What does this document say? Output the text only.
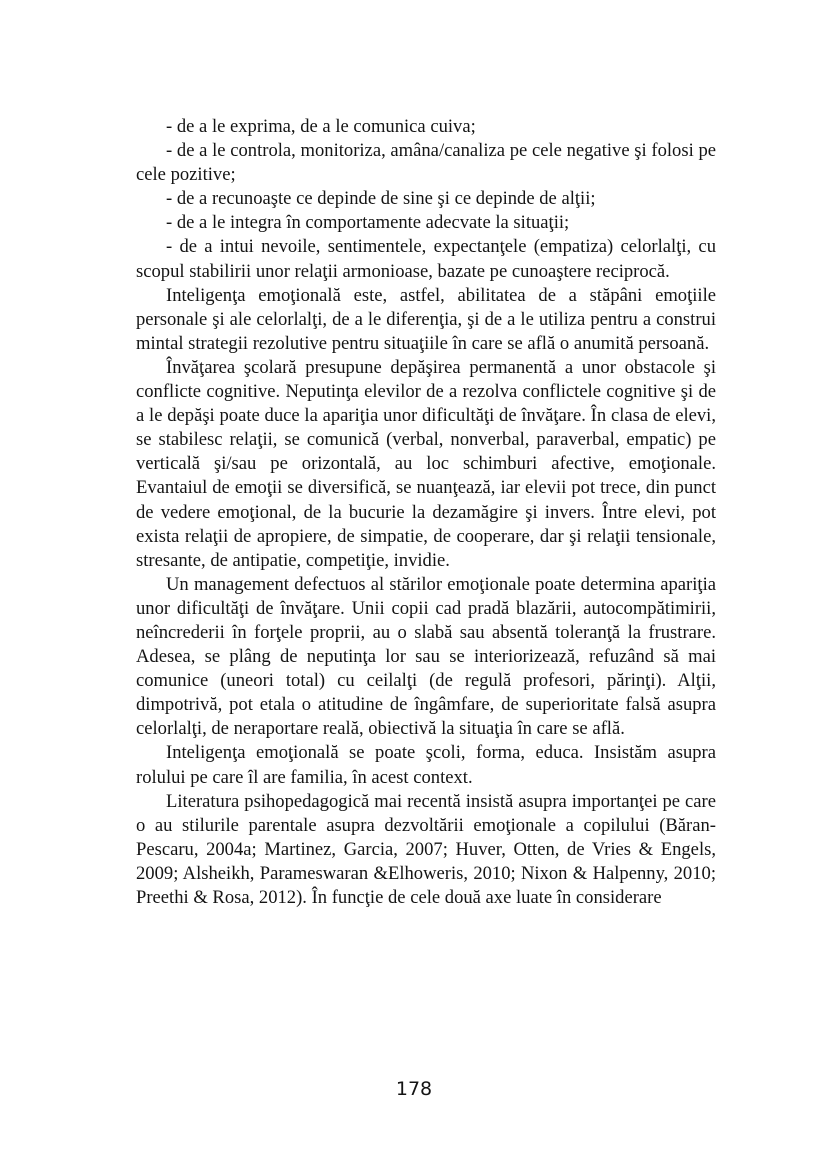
- de a le exprima, de a le comunica cuiva;

- de a le controla, monitoriza, amâna/canaliza pe cele negative şi folosi pe cele pozitive;

- de a recunoaşte ce depinde de sine şi ce depinde de alţii;

- de a le integra în comportamente adecvate la situaţii;

- de a intui nevoile, sentimentele, expectanţele (empatiza) celorlalţi, cu scopul stabilirii unor relaţii armonioase, bazate pe cunoaştere reciprocă.

Inteligenţa emoţională este, astfel, abilitatea de a stăpâni emoţiile personale şi ale celorlalţi, de a le diferenţia, şi de a le utiliza pentru a construi mintal strategii rezolutive pentru situaţiile în care se află o anumită persoană.

Învăţarea şcolară presupune depăşirea permanentă a unor obstacole şi conflicte cognitive. Neputinţa elevilor de a rezolva conflictele cognitive şi de a le depăşi poate duce la apariţia unor dificultăţi de învăţare. În clasa de elevi, se stabilesc relaţii, se comunică (verbal, nonverbal, paraverbal, empatic) pe verticală şi/sau pe orizontală, au loc schimburi afective, emoţionale. Evantaiul de emoţii se diversifică, se nuanţează, iar elevii pot trece, din punct de vedere emoţional, de la bucurie la dezamăgire şi invers. Între elevi, pot exista relaţii de apropiere, de simpatie, de cooperare, dar şi relaţii tensionale, stresante, de antipatie, competiţie, invidie.

Un management defectuos al stărilor emoţionale poate determina apariţia unor dificultăţi de învăţare. Unii copii cad pradă blazării, autocompătimirii, neîncrederii în forţele proprii, au o slabă sau absentă toleranţă la frustrare. Adesea, se plâng de neputinţa lor sau se interiorizează, refuzând să mai comunice (uneori total) cu ceilalţi (de regulă profesori, părinţi). Alţii, dimpotrivă, pot etala o atitudine de îngâmfare, de superioritate falsă asupra celorlalţi, de neraportare reală, obiectivă la situaţia în care se află.

Inteligenţa emoţională se poate şcoli, forma, educa. Insistăm asupra rolului pe care îl are familia, în acest context.

Literatura psihopedagogică mai recentă insistă asupra importanţei pe care o au stilurile parentale asupra dezvoltării emoţionale a copilului (Băran-Pescaru, 2004a; Martinez, Garcia, 2007; Huver, Otten, de Vries & Engels, 2009; Alsheikh, Parameswaran &Elhoweris, 2010; Nixon & Halpenny, 2010; Preethi & Rosa, 2012). În funcţie de cele două axe luate în considerare

178
